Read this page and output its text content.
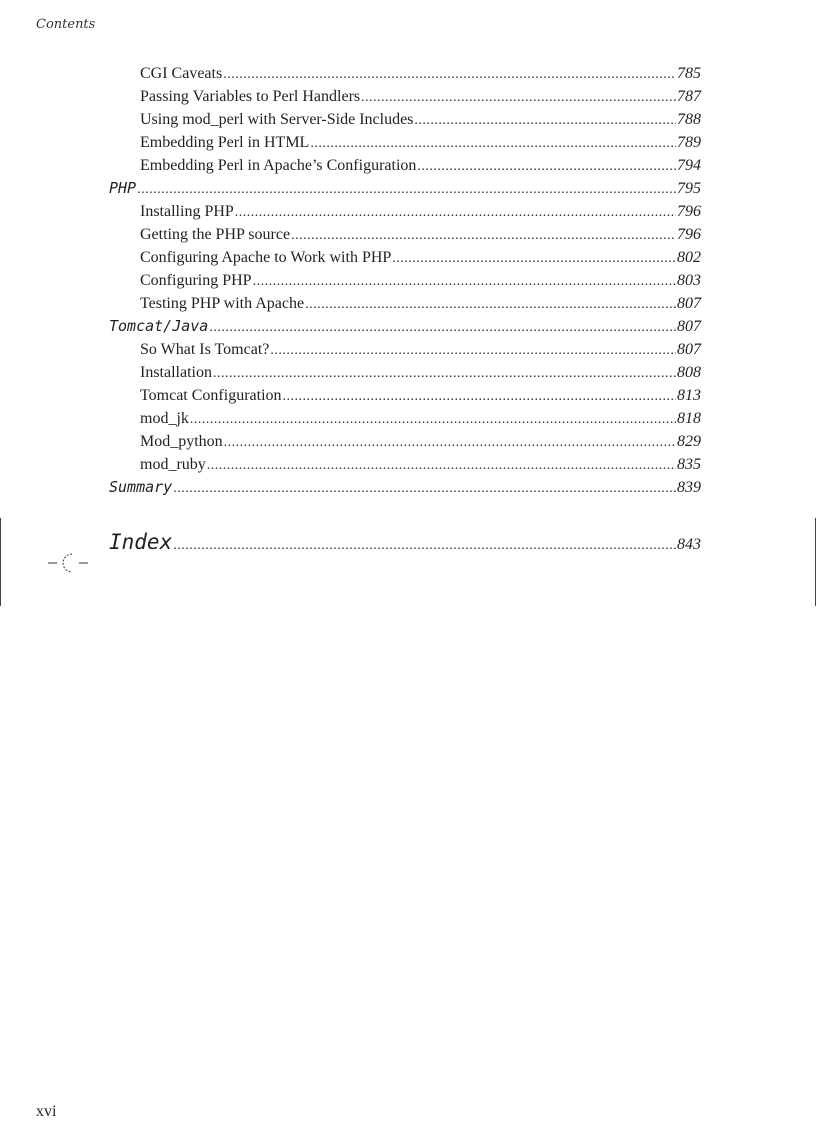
Contents
CGI Caveats .....	785
Passing Variables to Perl Handlers .....	787
Using mod_perl with Server-Side Includes .....	788
Embedding Perl in HTML .....	789
Embedding Perl in Apache’s Configuration .....	794
PHP .....	795
Installing PHP .....	796
Getting the PHP source .....	796
Configuring Apache to Work with PHP .....	802
Configuring PHP .....	803
Testing PHP with Apache .....	807
Tomcat/Java .....	807
So What Is Tomcat? .....	807
Installation .....	808
Tomcat Configuration .....	813
mod_jk .....	818
Mod_python .....	829
mod_ruby .....	835
Summary .....	839
Index .....	843
xvi
